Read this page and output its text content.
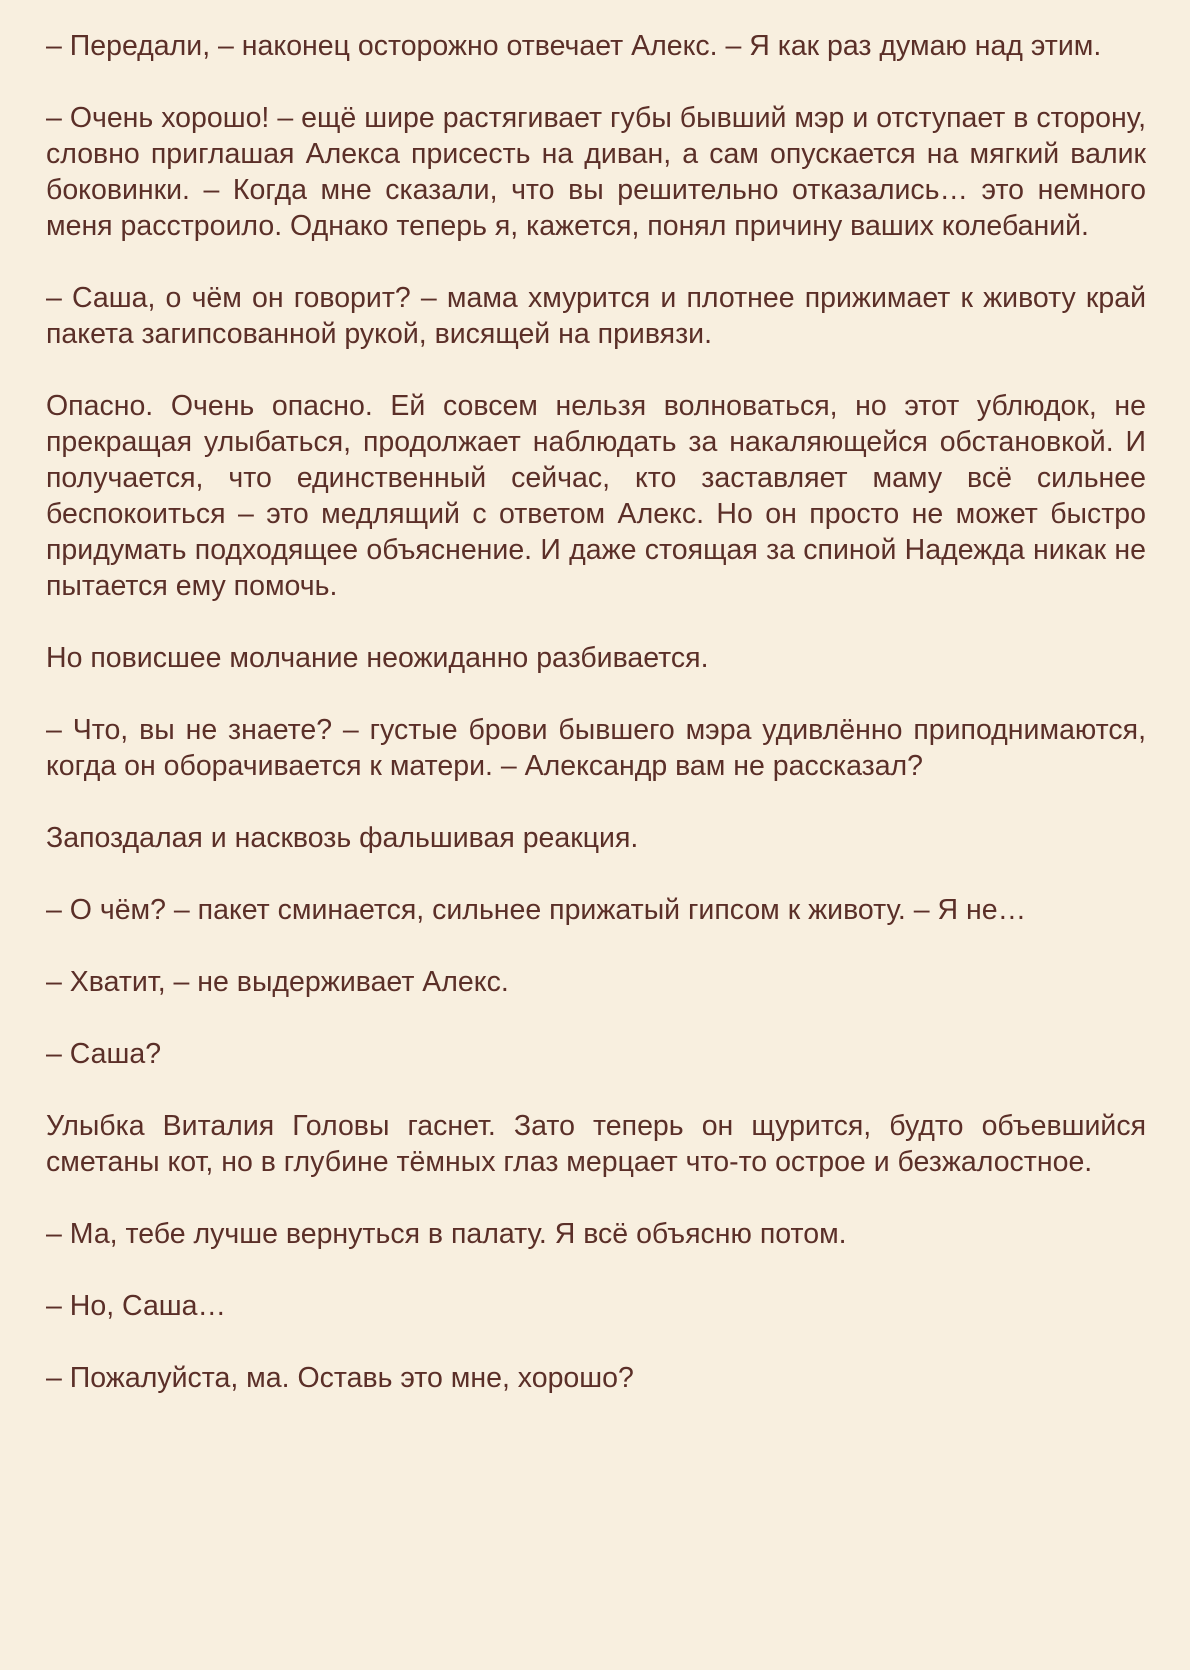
– Передали, – наконец осторожно отвечает Алекс. – Я как раз думаю над этим.

– Очень хорошо! – ещё шире растягивает губы бывший мэр и отступает в сторону, словно приглашая Алекса присесть на диван, а сам опускается на мягкий валик боковинки. – Когда мне сказали, что вы решительно отказались… это немного меня расстроило. Однако теперь я, кажется, понял причину ваших колебаний.

– Саша, о чём он говорит? – мама хмурится и плотнее прижимает к животу край пакета загипсованной рукой, висящей на привязи.

Опасно. Очень опасно. Ей совсем нельзя волноваться, но этот ублюдок, не прекращая улыбаться, продолжает наблюдать за накаляющейся обстановкой. И получается, что единственный сейчас, кто заставляет маму всё сильнее беспокоиться – это медлящий с ответом Алекс. Но он просто не может быстро придумать подходящее объяснение. И даже стоящая за спиной Надежда никак не пытается ему помочь.

Но повисшее молчание неожиданно разбивается.

– Что, вы не знаете? – густые брови бывшего мэра удивлённо приподнимаются, когда он оборачивается к матери. – Александр вам не рассказал?

Запоздалая и насквозь фальшивая реакция.

– О чём? – пакет сминается, сильнее прижатый гипсом к животу. – Я не…

– Хватит, – не выдерживает Алекс.

– Саша?

Улыбка Виталия Головы гаснет. Зато теперь он щурится, будто объевшийся сметаны кот, но в глубине тёмных глаз мерцает что-то острое и безжалостное.

– Ма, тебе лучше вернуться в палату. Я всё объясню потом.

– Но, Саша…

– Пожалуйста, ма. Оставь это мне, хорошо?
